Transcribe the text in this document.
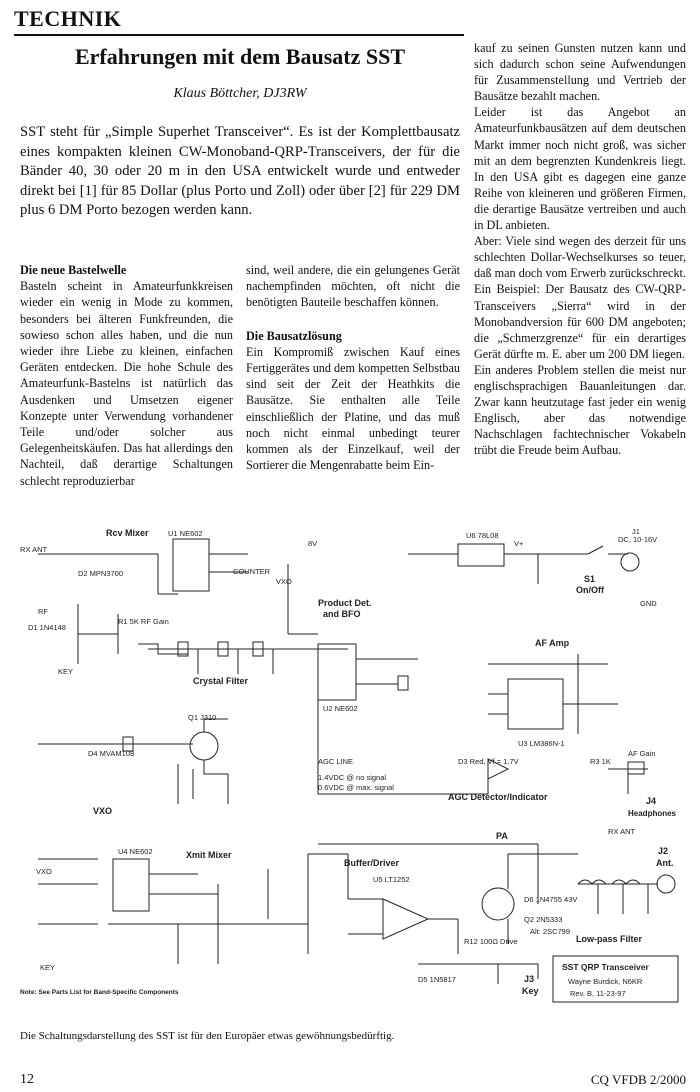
TECHNIK
Erfahrungen mit dem Bausatz SST
Klaus Böttcher, DJ3RW

SST steht für „Simple Superhet Transceiver“. Es ist der Komplettbausatz eines kompakten kleinen CW-Monoband-QRP-Transceivers, der für die Bänder 40, 30 oder 20 m in den USA entwickelt wurde und entweder direkt bei [1] für 85 Dollar (plus Porto und Zoll) oder über [2] für 229 DM plus 6 DM Porto bezogen werden kann.

Die neue Bastelwelle

Basteln scheint in Amateurfunkkreisen wieder ein wenig in Mode zu kommen, besonders bei älteren Funkfreunden, die sowieso schon alles haben, und die nun wieder ihre Liebe zu kleinen, einfachen Geräten entdecken. Die hohe Schule des Amateurfunk-Bastelns ist natürlich das Ausdenken und Umsetzen eigener Konzepte unter Verwendung vorhandener Teile und/oder solcher aus Gelegenheitskäufen. Das hat allerdings den Nachteil, daß derartige Schaltungen schlecht reproduzierbar

sind, weil andere, die ein gelungenes Gerät nachempfinden möchten, oft nicht die benötigten Bauteile beschaffen können.

Die Bausatzlösung

Ein Kompromiß zwischen Kauf eines Fertiggerätes und dem kompetten Selbstbau sind seit der Zeit der Heathkits die Bausätze. Sie enthalten alle Teile einschließlich der Platine, und das muß noch nicht einmal unbedingt teurer kommen als der Einzelkauf, weil der Sortierer die Mengenrabatte beim Ein-

kauf zu seinen Gunsten nutzen kann und sich dadurch schon seine Aufwendungen für Zusammenstellung und Vertrieb der Bausätze bezahlt machen.

Leider ist das Angebot an Amateurfunkbausätzen auf dem deutschen Markt immer noch nicht groß, was sicher mit an dem begrenzten Kundenkreis liegt. In den USA gibt es dagegen eine ganze Reihe von kleineren und größeren Firmen, die derartige Bausätze vertreiben und auch in DL anbieten.

Aber: Viele sind wegen des derzeit für uns schlechten Dollar-Wechselkurses so teuer, daß man doch vom Erwerb zurückschreckt. Ein Beispiel: Der Bausatz des CW-QRP-Transceivers „Sierra“ wird in der Monobandversion für 600 DM angeboten; die „Schmerzgrenze“ für ein derartiges Gerät dürfte m. E. aber um 200 DM liegen.

Ein anderes Problem stellen die meist nur englischsprachigen Bauanleitungen dar. Zwar kann heutzutage fast jeder ein wenig Englisch, aber das notwendige Nachschlagen fachtechnischer Vokabeln trübt die Freude beim Aufbau.

Rcv Mixer
Crystal Filter
Product Det.
and BFO
AF Amp
VXO
AGC Detector/Indicator
Xmit Mixer
Buffer/Driver
PA
Low-pass Filter
S1
On/Off
J1
DC, 10-16V
J2
Ant.
J3
Key
J4
Headphones
AF Gain
RX ANT
RX ANT
RF
KEY
KEY
COUNTER
VXO
VXO
GND
8V	V+
U1 NE602
U2 NE602
U3 LM386N-1
U4 NE602
U5 LT1252
U6 78L08
Q1 J310
Q2 2N5333
D1 1N4148
D2 MPN3700
D3 Red, Vf = 1.7V
D4 MVAM108
D5 1N5817
D6 1N4755 43V
R1 5K RF Gain
R3 1K
R12 100Ω Drive
AGC LINE
1.4VDC @ no signal
0.6VDC @ max. signal
Alt: 2SC799
SST QRP Transceiver
Wayne Burdick, N6KR
Rev. B, 11-23-97
Note: See Parts List for Band-Specific Components
Die Schaltungsdarstellung des SST ist für den Europäer etwas gewöhnungsbedürftig.
12	CQ VFDB 2/2000
